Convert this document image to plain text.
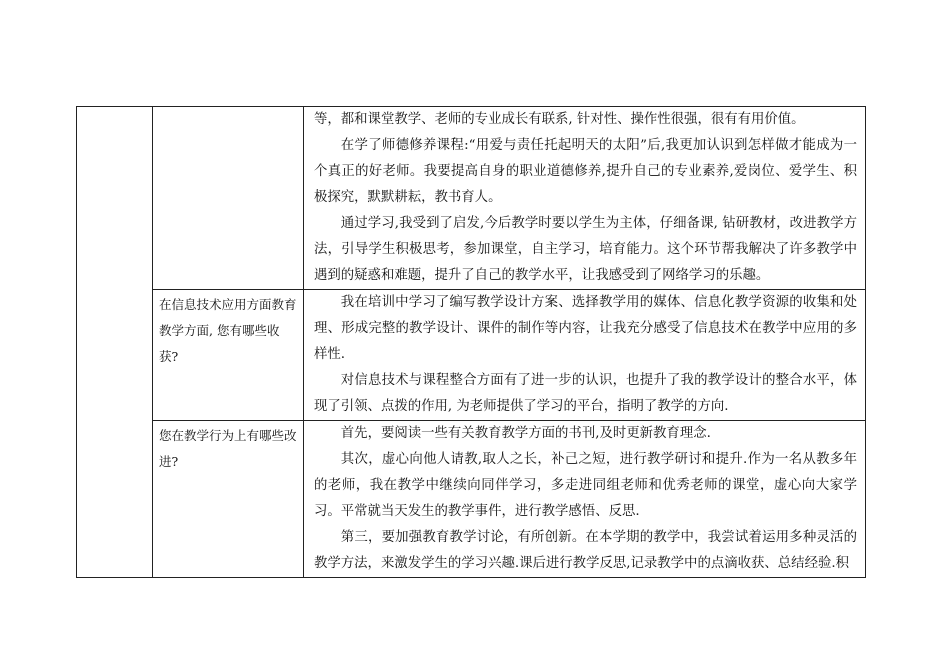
		等，都和课堂教学、老师的专业成长有联系, 针对性、操作性很强，很有有用价值。

在学了师德修养课程:“用爱与责任托起明天的太阳”后,我更加认识到怎样做才能成为一个真正的好老师。我要提高自身的职业道德修养,提升自己的专业素养,爱岗位、爱学生、积极探究，默默耕耘，教书育人。

通过学习,我受到了启发,今后教学时要以学生为主体，仔细备课, 钻研教材，改进教学方法，引导学生积极思考，参加课堂，自主学习，培育能力。这个环节帮我解决了许多教学中遇到的疑惑和难题，提升了自己的教学水平，让我感受到了网络学习的乐趣。

	在信息技术应用方面教育教学方面, 您有哪些收获?	我在培训中学习了编写教学设计方案、选择教学用的媒体、信息化教学资源的收集和处理、形成完整的教学设计、课件的制作等内容，让我充分感受了信息技术在教学中应用的多样性.

对信息技术与课程整合方面有了进一步的认识，也提升了我的教学设计的整合水平，体现了引领、点拨的作用, 为老师提供了学习的平台，指明了教学的方向.

	您在教学行为上有哪些改进?	首先，要阅读一些有关教育教学方面的书刊,及时更新教育理念.

其次，虚心向他人请教,取人之长，补己之短，进行教学研讨和提升.作为一名从教多年的老师，我在教学中继续向同伴学习，多走进同组老师和优秀老师的课堂，虚心向大家学习。平常就当天发生的教学事件，进行教学感悟、反思.

第三，要加强教育教学讨论，有所创新。在本学期的教学中，我尝试着运用多种灵活的教学方法，来激发学生的学习兴趣.课后进行教学反思,记录教学中的点滴收获、总结经验.积
